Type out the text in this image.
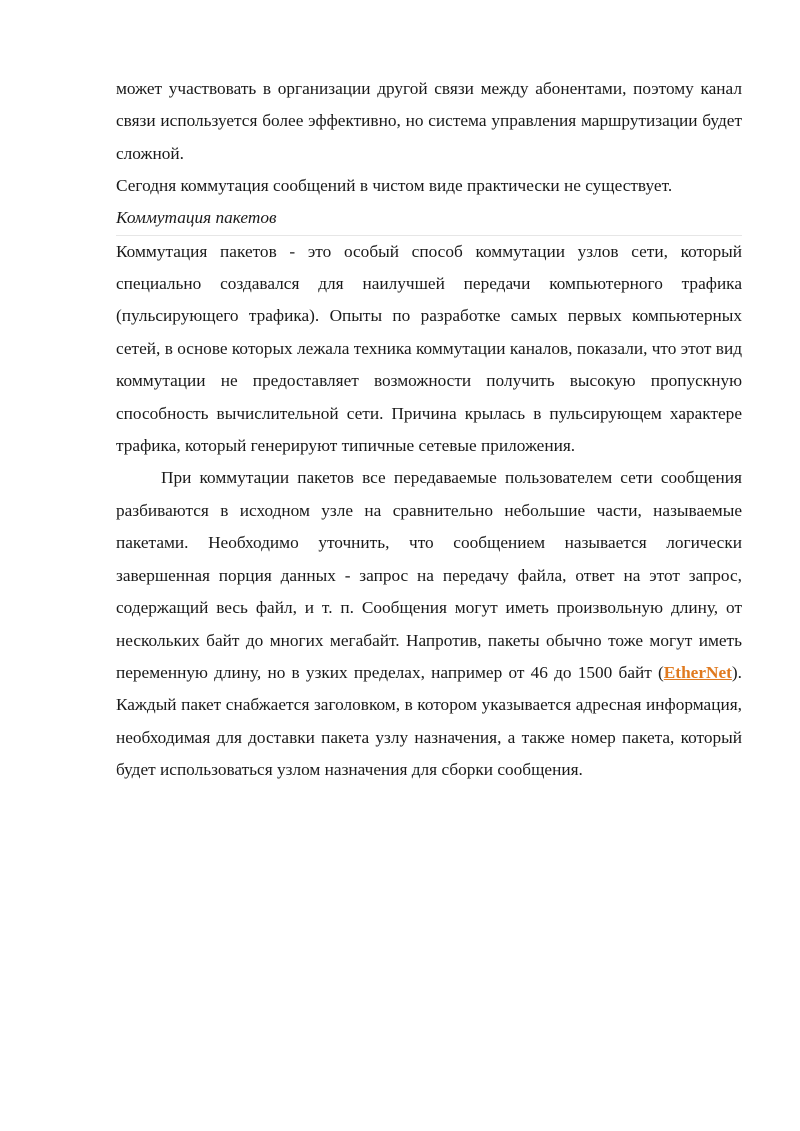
может участвовать в организации другой связи между абонентами, поэтому канал связи используется более эффективно, но система управления маршрутизации будет сложной.

Сегодня коммутация сообщений в чистом виде практически не существует.

Коммутация пакетов

Коммутация пакетов - это особый способ коммутации узлов сети, который специально создавался для наилучшей передачи компьютерного трафика (пульсирующего трафика). Опыты по разработке самых первых компьютерных сетей, в основе которых лежала техника коммутации каналов, показали, что этот вид коммутации не предоставляет возможности получить высокую пропускную способность вычислительной сети. Причина крылась в пульсирующем характере трафика, который генерируют типичные сетевые приложения.

При коммутации пакетов все передаваемые пользователем сети сообщения разбиваются в исходном узле на сравнительно небольшие части, называемые пакетами. Необходимо уточнить, что сообщением называется логически завершенная порция данных - запрос на передачу файла, ответ на этот запрос, содержащий весь файл, и т. п. Сообщения могут иметь произвольную длину, от нескольких байт до многих мегабайт. Напротив, пакеты обычно тоже могут иметь переменную длину, но в узких пределах, например от 46 до 1500 байт (EtherNet). Каждый пакет снабжается заголовком, в котором указывается адресная информация, необходимая для доставки пакета узлу назначения, а также номер пакета, который будет использоваться узлом назначения для сборки сообщения.
